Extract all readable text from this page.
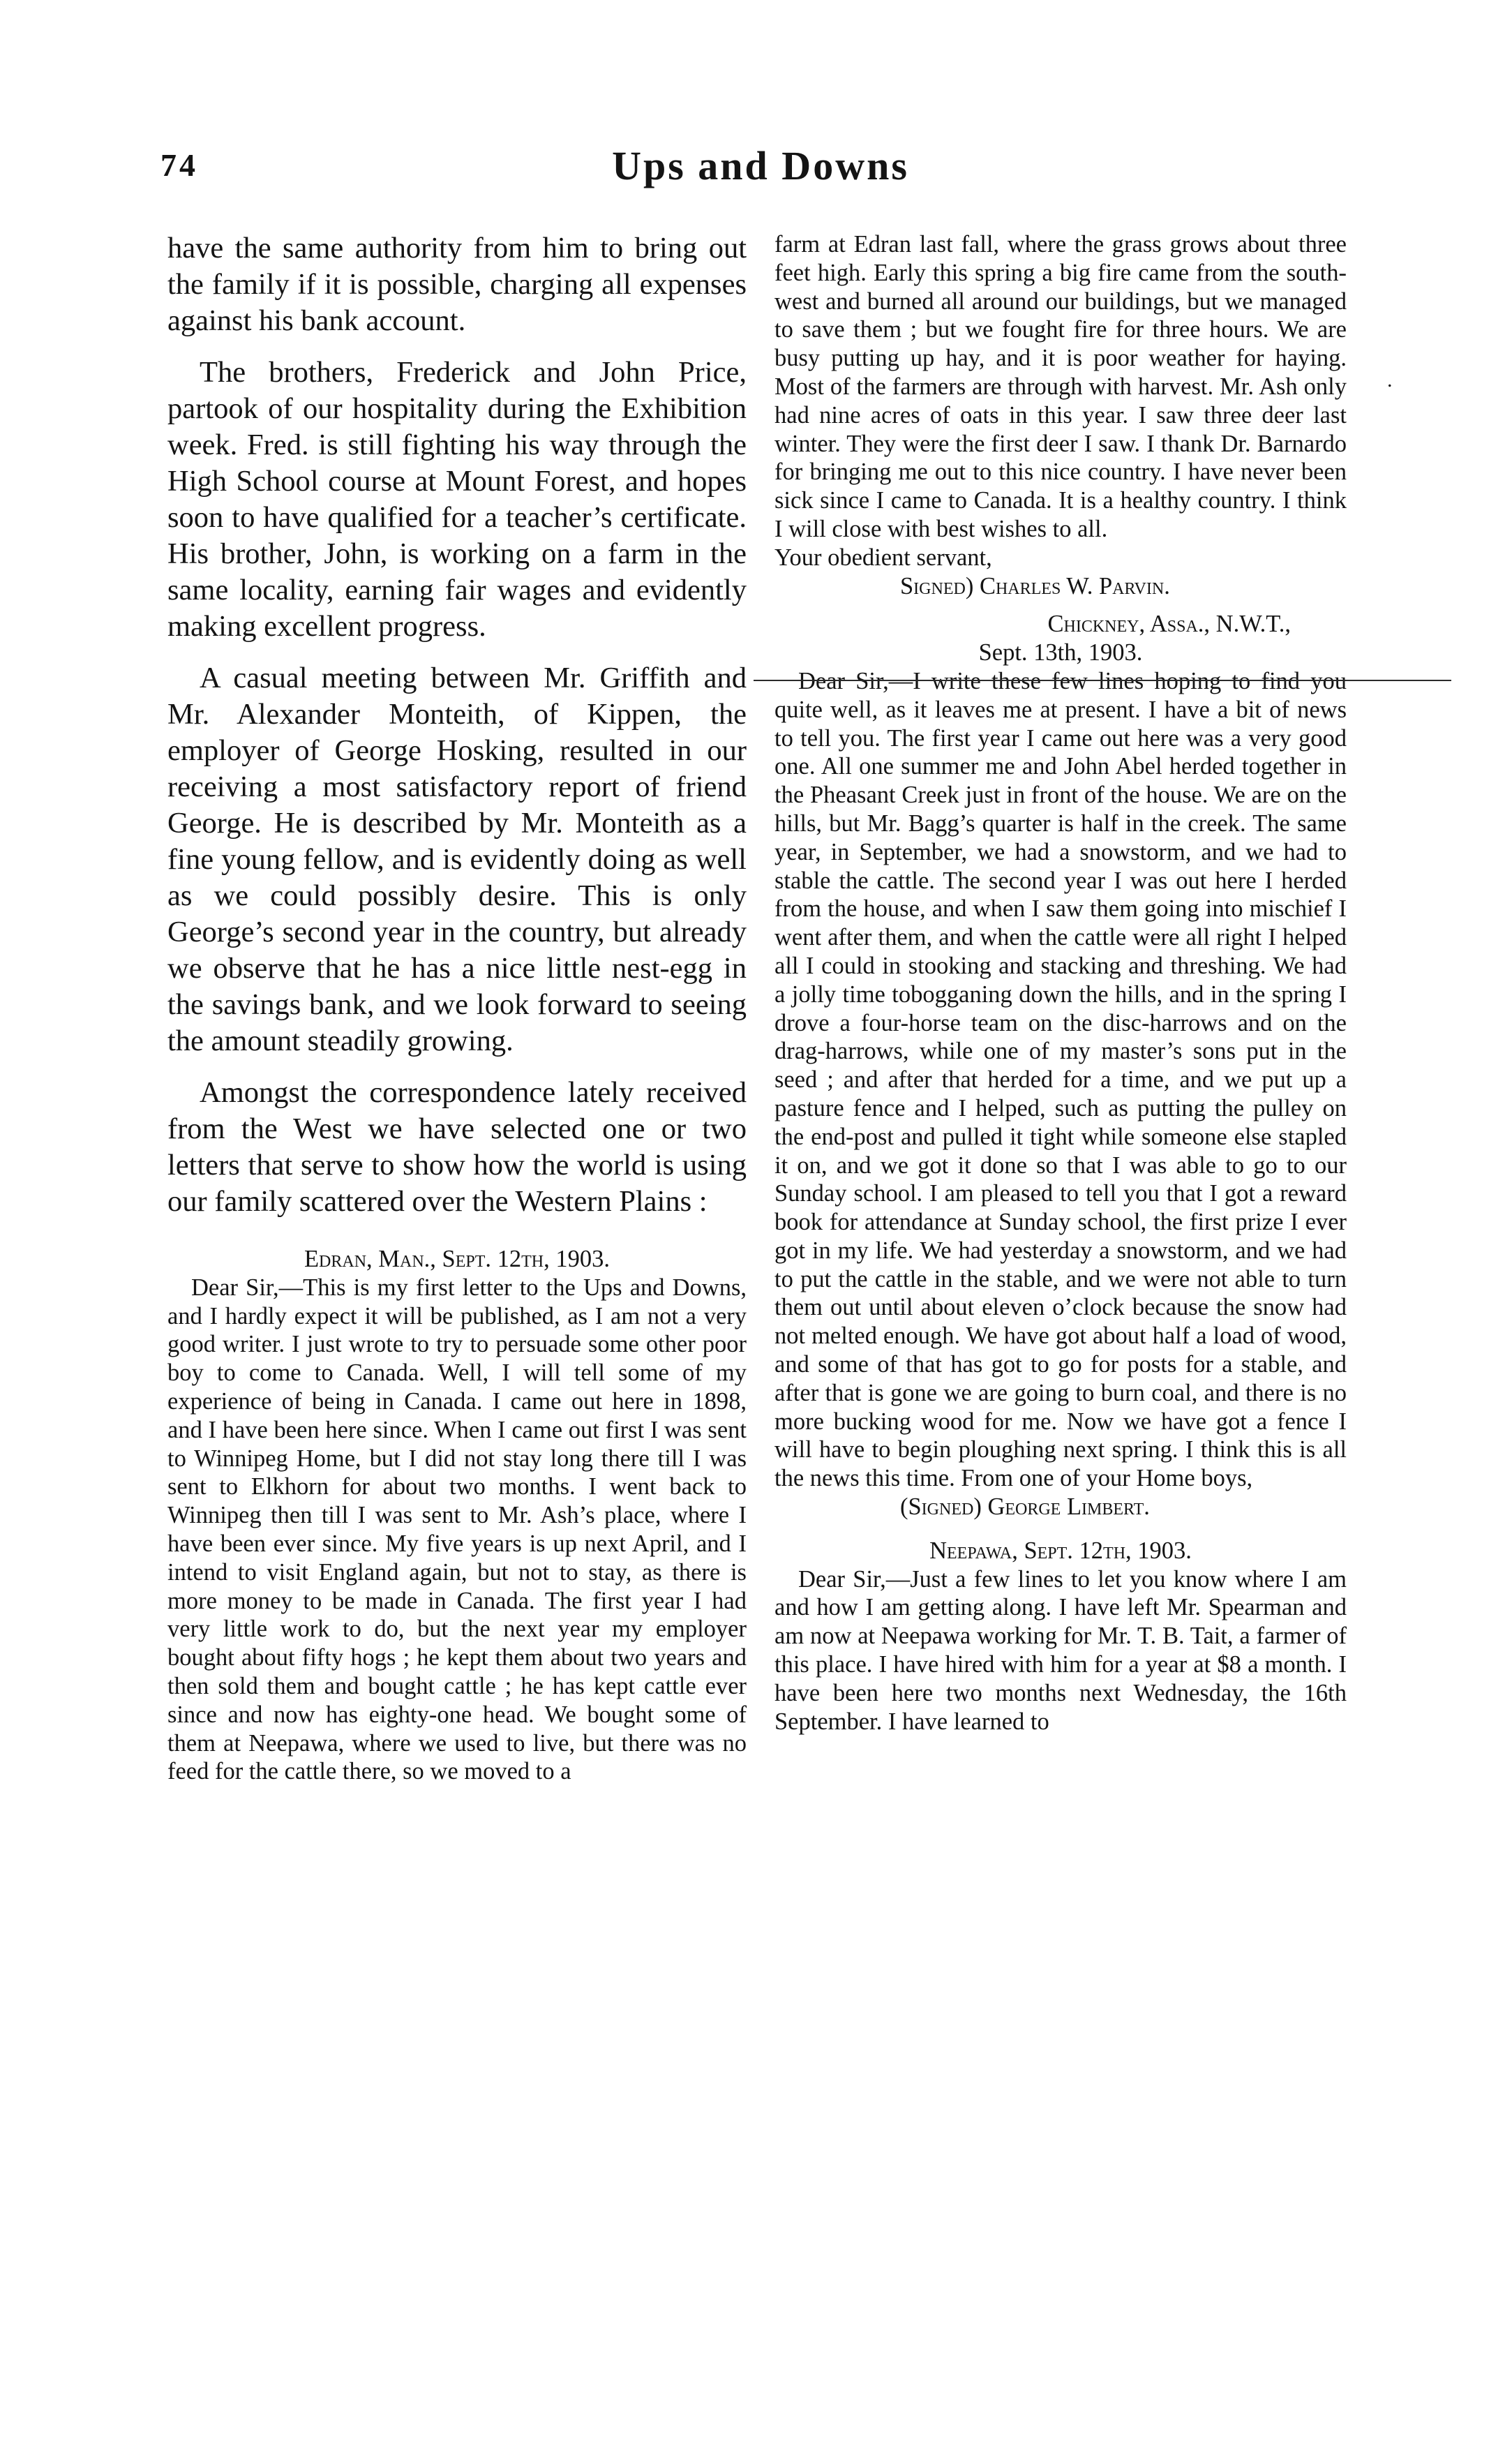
74	Ups and Downs

have the same authority from him to bring out the family if it is possible, charging all expenses against his bank account.

The brothers, Frederick and John Price, partook of our hospitality during the Exhibition week. Fred. is still fighting his way through the High School course at Mount Forest, and hopes soon to have qualified for a teacher’s certificate. His brother, John, is working on a farm in the same locality, earning fair wages and evidently making excellent progress.

A casual meeting between Mr. Griffith and Mr. Alexander Monteith, of Kippen, the employer of George Hosking, resulted in our receiving a most satisfactory report of friend George. He is described by Mr. Monteith as a fine young fellow, and is evidently doing as well as we could possibly desire. This is only George’s second year in the country, but already we observe that he has a nice little nest-egg in the savings bank, and we look forward to seeing the amount steadily growing.

Amongst the correspondence lately received from the West we have selected one or two letters that serve to show how the world is using our family scattered over the Western Plains :

Edran, Man., Sept. 12th, 1903.

Dear Sir,—This is my first letter to the Ups and Downs, and I hardly expect it will be published, as I am not a very good writer. I just wrote to try to persuade some other poor boy to come to Canada. Well, I will tell some of my experience of being in Canada. I came out here in 1898, and I have been here since. When I came out first I was sent to Winnipeg Home, but I did not stay long there till I was sent to Elkhorn for about two months. I went back to Winnipeg then till I was sent to Mr. Ash’s place, where I have been ever since. My five years is up next April, and I intend to visit England again, but not to stay, as there is more money to be made in Canada. The first year I had very little work to do, but the next year my employer bought about fifty hogs ; he kept them about two years and then sold them and bought cattle ; he has kept cattle ever since and now has eighty-one head. We bought some of them at Neepawa, where we used to live, but there was no feed for the cattle there, so we moved to a

farm at Edran last fall, where the grass grows about three feet high. Early this spring a big fire came from the south-west and burned all around our buildings, but we managed to save them ; but we fought fire for three hours. We are busy putting up hay, and it is poor weather for haying. Most of the farmers are through with harvest. Mr. Ash only had nine acres of oats in this year. I saw three deer last winter. They were the first deer I saw. I thank Dr. Barnardo for bringing me out to this nice country. I have never been sick since I came to Canada. It is a healthy country. I think I will close with best wishes to all.

Your obedient servant,
Signed) Charles W. Parvin.
Chickney, Assa., N.W.T.,
Sept. 13th, 1903.

Dear Sir,—I write these few lines hoping to find you quite well, as it leaves me at present. I have a bit of news to tell you. The first year I came out here was a very good one. All one summer me and John Abel herded together in the Pheasant Creek just in front of the house. We are on the hills, but Mr. Bagg’s quarter is half in the creek. The same year, in September, we had a snowstorm, and we had to stable the cattle. The second year I was out here I herded from the house, and when I saw them going into mischief I went after them, and when the cattle were all right I helped all I could in stooking and stacking and threshing. We had a jolly time tobogganing down the hills, and in the spring I drove a four-horse team on the disc-harrows and on the drag-harrows, while one of my master’s sons put in the seed ; and after that herded for a time, and we put up a pasture fence and I helped, such as putting the pulley on the end-post and pulled it tight while someone else stapled it on, and we got it done so that I was able to go to our Sunday school. I am pleased to tell you that I got a reward book for attendance at Sunday school, the first prize I ever got in my life. We had yesterday a snowstorm, and we had to put the cattle in the stable, and we were not able to turn them out until about eleven o’clock because the snow had not melted enough. We have got about half a load of wood, and some of that has got to go for posts for a stable, and after that is gone we are going to burn coal, and there is no more bucking wood for me. Now we have got a fence I will have to begin ploughing next spring. I think this is all the news this time. From one of your Home boys,

(Signed) George Limbert.
Neepawa, Sept. 12th, 1903.

Dear Sir,—Just a few lines to let you know where I am and how I am getting along. I have left Mr. Spearman and am now at Neepawa working for Mr. T. B. Tait, a farmer of this place. I have hired with him for a year at $8 a month. I have been here two months next Wednesday, the 16th September. I have learned to

.
